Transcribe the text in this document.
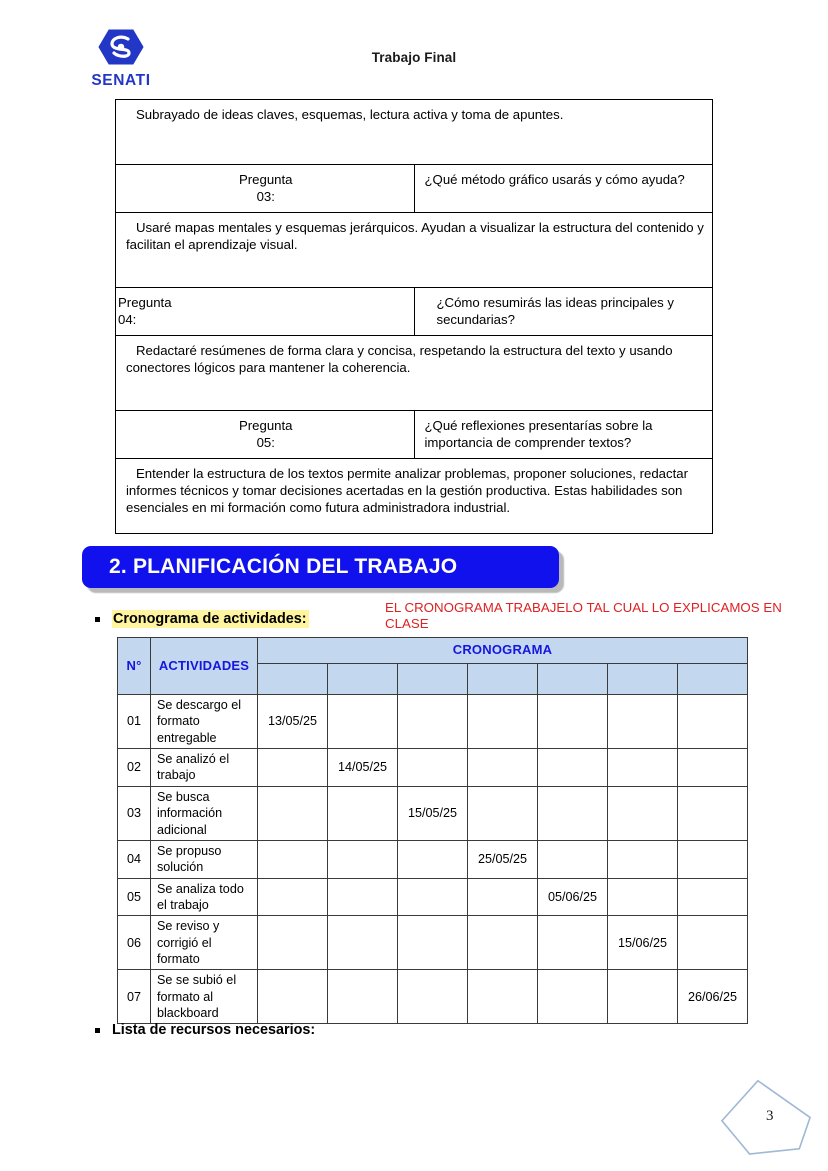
SENATI
Trabajo Final
Subrayado de ideas claves, esquemas, lectura activa y toma de apuntes.	

Pregunta
03:	¿Qué método gráfico usarás y cómo ayuda?

Usaré mapas mentales y esquemas jerárquicos. Ayudan a visualizar la estructura del contenido y facilitan el aprendizaje visual.	

Pregunta
04:	¿Cómo resumirás las ideas principales y secundarias?

Redactaré resúmenes de forma clara y concisa, respetando la estructura del texto y usando conectores lógicos para mantener la coherencia.	

Pregunta
05:	¿Qué reflexiones presentarías sobre la importancia de comprender textos?

Entender la estructura de los textos permite analizar problemas, proponer soluciones, redactar informes técnicos y tomar decisiones acertadas en la gestión productiva. Estas habilidades son esenciales en mi formación como futura administradora industrial.	
2. PLANIFICACIÓN DEL TRABAJO
Cronograma de actividades:
EL CRONOGRAMA TRABAJELO TAL CUAL LO EXPLICAMOS EN CLASE
N°	ACTIVIDADES	CRONOGRAMA						

01	Se descargo el formato entregable	13/05/25						
02	Se analizó el trabajo		14/05/25					
03	Se busca información adicional			15/05/25				
04	Se propuso solución				25/05/25			
05	Se analiza todo el trabajo					05/06/25		
06	Se reviso y corrigió el formato						15/06/25	
07	Se se subió el formato al blackboard							26/06/25
Lista de recursos necesarios:
3
